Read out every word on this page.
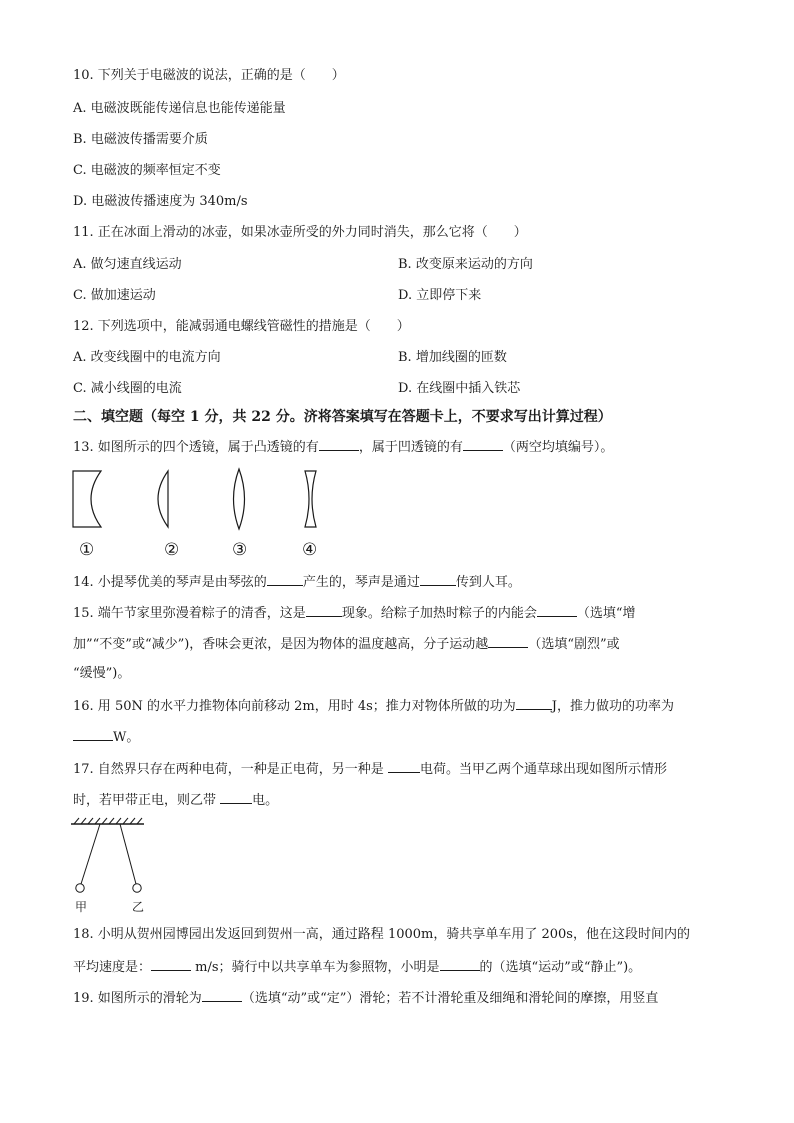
10. 下列关于电磁波的说法，正确的是（　　）
A. 电磁波既能传递信息也能传递能量
B. 电磁波传播需要介质
C. 电磁波的频率恒定不变
D. 电磁波传播速度为 340m/s
11. 正在冰面上滑动的冰壶，如果冰壶所受的外力同时消失，那么它将（　　）
A. 做匀速直线运动	B. 改变原来运动的方向
C. 做加速运动	D. 立即停下来
12. 下列选项中，能减弱通电螺线管磁性的措施是（　　）
A. 改变线圈中的电流方向	B. 增加线圈的匝数
C. 减小线圈的电流	D. 在线圈中插入铁芯
二、填空题（每空 1 分，共 22 分。济将答案填写在答题卡上，不要求写出计算过程）
13. 如图所示的四个透镜，属于凸透镜的有	，属于凹透镜的有	（两空均填编号）。
①	②	③	④
14. 小提琴优美的琴声是由琴弦的	产生的，琴声是通过	传到人耳。
15. 端午节家里弥漫着粽子的清香，这是	现象。给粽子加热时粽子的内能会	（选填“增
加”“不变”或“减少”)，香味会更浓，是因为物体的温度越高，分子运动越	（选填“剧烈”或
“缓慢”)。
16. 用 50N 的水平力推物体向前移动 2m，用时 4s；推力对物体所做的功为	J，推力做功的功率为
W。
17. 自然界只存在两种电荷，一种是正电荷，另一种是 电荷。当甲乙两个通草球出现如图所示情形
时，若甲带正电，则乙带 电。
甲	乙
18. 小明从贺州园博园出发返回到贺州一高，通过路程 1000m，骑共享单车用了 200s，他在这段时间内的
平均速度是：	m/s；骑行中以共享单车为参照物，小明是	的（选填“运动”或“静止”)。
19. 如图所示的滑轮为	（选填“动”或“定”）滑轮；若不计滑轮重及细绳和滑轮间的摩擦，用竖直
